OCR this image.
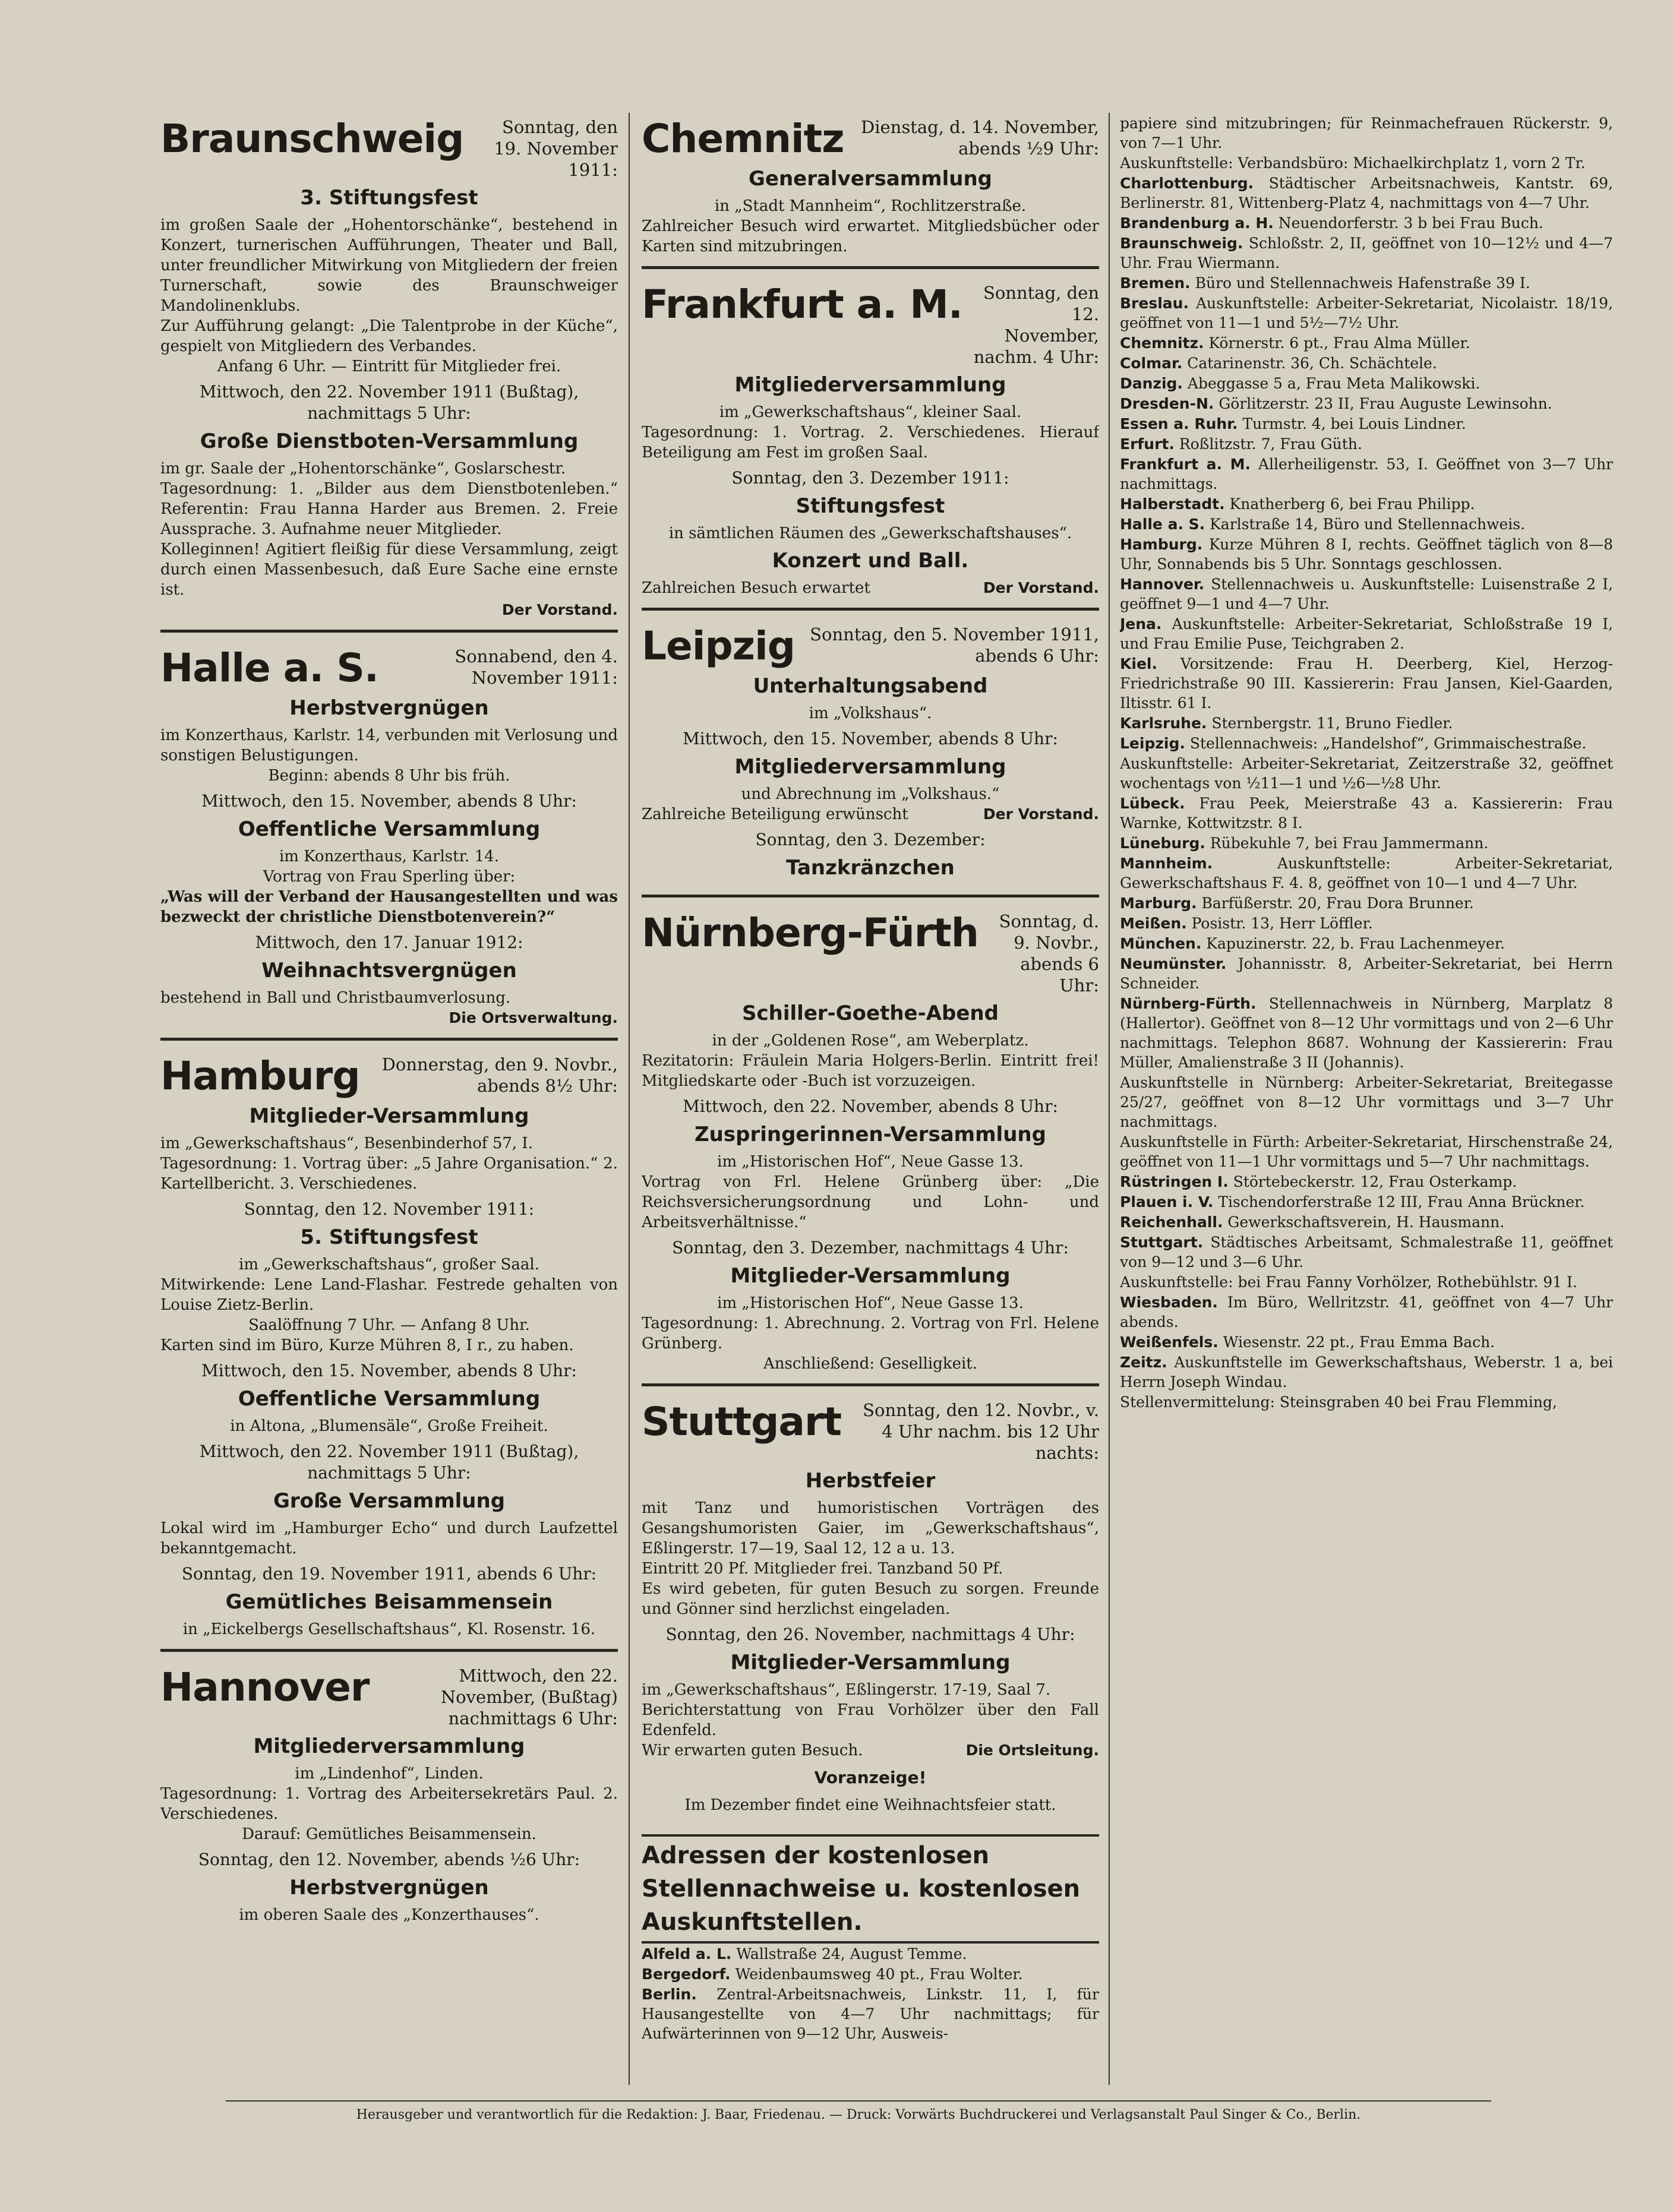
Braunschweig	Sonntag, den 19. November 1911:
3. Stiftungsfest
im großen Saale der „Hohentorschänke“, bestehend in Konzert, turnerischen Aufführungen, Theater und Ball, unter freundlicher Mitwirkung von Mitgliedern der freien Turnerschaft, sowie des Braunschweiger Mandolinenklubs.
Zur Aufführung gelangt: „Die Talentprobe in der Küche“, gespielt von Mitgliedern des Verbandes.
Anfang 6 Uhr. — Eintritt für Mitglieder frei.
Mittwoch, den 22. November 1911 (Bußtag), nachmittags 5 Uhr:
Große Dienstboten-Versammlung
im gr. Saale der „Hohentorschänke“, Goslarschestr.
Tagesordnung: 1. „Bilder aus dem Dienstbotenleben.“ Referentin: Frau Hanna Harder aus Bremen. 2. Freie Aussprache. 3. Aufnahme neuer Mitglieder.
Kolleginnen! Agitiert fleißig für diese Versammlung, zeigt durch einen Massenbesuch, daß Eure Sache eine ernste ist.
Der Vorstand.
Halle a. S.	Sonnabend, den 4. November 1911:
Herbstvergnügen
im Konzerthaus, Karlstr. 14, verbunden mit Verlosung und sonstigen Belustigungen.
Beginn: abends 8 Uhr bis früh.
Mittwoch, den 15. November, abends 8 Uhr:
Oeffentliche Versammlung
im Konzerthaus, Karlstr. 14.
Vortrag von Frau Sperling über:
„Was will der Verband der Hausangestellten und was bezweckt der christliche Dienstbotenverein?“
Mittwoch, den 17. Januar 1912:
Weihnachtsvergnügen
bestehend in Ball und Christbaumverlosung.
Die Ortsverwaltung.
Hamburg	Donnerstag, den 9. Novbr., abends 8½ Uhr:
Mitglieder-Versammlung
im „Gewerkschaftshaus“, Besenbinderhof 57, I.
Tagesordnung: 1. Vortrag über: „5 Jahre Organisation.“ 2. Kartellbericht. 3. Verschiedenes.
Sonntag, den 12. November 1911:
5. Stiftungsfest
im „Gewerkschaftshaus“, großer Saal.
Mitwirkende: Lene Land-Flashar. Festrede gehalten von Louise Zietz-Berlin.
Saalöffnung 7 Uhr. — Anfang 8 Uhr.
Karten sind im Büro, Kurze Mühren 8, I r., zu haben.
Mittwoch, den 15. November, abends 8 Uhr:
Oeffentliche Versammlung
in Altona, „Blumensäle“, Große Freiheit.
Mittwoch, den 22. November 1911 (Bußtag), nachmittags 5 Uhr:
Große Versammlung
Lokal wird im „Hamburger Echo“ und durch Laufzettel bekanntgemacht.
Sonntag, den 19. November 1911, abends 6 Uhr:
Gemütliches Beisammensein
in „Eickelbergs Gesellschaftshaus“, Kl. Rosenstr. 16.
Hannover	Mittwoch, den 22. November, (Bußtag) nachmittags 6 Uhr:
Mitgliederversammlung
im „Lindenhof“, Linden.
Tagesordnung: 1. Vortrag des Arbeitersekretärs Paul. 2. Verschiedenes.
Darauf: Gemütliches Beisammensein.
Sonntag, den 12. November, abends ½6 Uhr:
Herbstvergnügen
im oberen Saale des „Konzerthauses“.
Chemnitz Dienstag, d. 14. November, abends ½9 Uhr:
Generalversammlung
in „Stadt Mannheim“, Rochlitzerstraße.
Zahlreicher Besuch wird erwartet. Mitgliedsbücher oder Karten sind mitzubringen.
Frankfurt a. M.	Sonntag, den 12. November, nachm. 4 Uhr:
Mitgliederversammlung
im „Gewerkschaftshaus“, kleiner Saal.
Tagesordnung: 1. Vortrag. 2. Verschiedenes. Hierauf Beteiligung am Fest im großen Saal.
Sonntag, den 3. Dezember 1911:
Stiftungsfest
in sämtlichen Räumen des „Gewerkschaftshauses“.
Konzert und Ball.
Zahlreichen Besuch erwartet	Der Vorstand.
Leipzig Sonntag, den 5. November 1911, abends 6 Uhr:
Unterhaltungsabend
im „Volkshaus“.
Mittwoch, den 15. November, abends 8 Uhr:
Mitgliederversammlung
und Abrechnung im „Volkshaus.“
Zahlreiche Beteiligung erwünscht	Der Vorstand.
Sonntag, den 3. Dezember:
Tanzkränzchen
Nürnberg-Fürth	Sonntag, d. 9. Novbr., abends 6 Uhr:
Schiller-Goethe-Abend
in der „Goldenen Rose“, am Weberplatz.
Rezitatorin: Fräulein Maria Holgers-Berlin. Eintritt frei! Mitgliedskarte oder -Buch ist vorzuzeigen.
Mittwoch, den 22. November, abends 8 Uhr:
Zuspringerinnen-Versammlung
im „Historischen Hof“, Neue Gasse 13.
Vortrag von Frl. Helene Grünberg über: „Die Reichsversicherungsordnung und Lohn- und Arbeitsverhältnisse.“
Sonntag, den 3. Dezember, nachmittags 4 Uhr:
Mitglieder-Versammlung
im „Historischen Hof“, Neue Gasse 13.
Tagesordnung: 1. Abrechnung. 2. Vortrag von Frl. Helene Grünberg.
Anschließend: Geselligkeit.
Stuttgart	Sonntag, den 12. Novbr., v. 4 Uhr nachm. bis 12 Uhr nachts:
Herbstfeier
mit Tanz und humoristischen Vorträgen des Gesangshumoristen Gaier, im „Gewerkschaftshaus“, Eßlingerstr. 17—19, Saal 12, 12 a u. 13.
Eintritt 20 Pf. Mitglieder frei. Tanzband 50 Pf.
Es wird gebeten, für guten Besuch zu sorgen. Freunde und Gönner sind herzlichst eingeladen.
Sonntag, den 26. November, nachmittags 4 Uhr:
Mitglieder-Versammlung
im „Gewerkschaftshaus“, Eßlingerstr. 17-19, Saal 7.
Berichterstattung von Frau Vorhölzer über den Fall Edenfeld.
Wir erwarten guten Besuch.	Die Ortsleitung.
Voranzeige!
Im Dezember findet eine Weihnachtsfeier statt.
Adressen der kostenlosen Stellennachweise u. kostenlosen Auskunftstellen.
Alfeld a. L. Wallstraße 24, August Temme.
Bergedorf. Weidenbaumsweg 40 pt., Frau Wolter.
Berlin. Zentral-Arbeitsnachweis, Linkstr. 11, I, für Hausangestellte von 4—7 Uhr nachmittags; für Aufwärterinnen von 9—12 Uhr, Ausweis-
papiere sind mitzubringen; für Reinmachefrauen Rückerstr. 9, von 7—1 Uhr.
Auskunftstelle: Verbandsbüro: Michaelkirchplatz 1, vorn 2 Tr.
Charlottenburg. Städtischer Arbeitsnachweis, Kantstr. 69, Berlinerstr. 81, Wittenberg-Platz 4, nachmittags von 4—7 Uhr.
Brandenburg a. H. Neuendorferstr. 3 b bei Frau Buch.
Braunschweig. Schloßstr. 2, II, geöffnet von 10—12½ und 4—7 Uhr. Frau Wiermann.
Bremen. Büro und Stellennachweis Hafenstraße 39 I.
Breslau. Auskunftstelle: Arbeiter-Sekretariat, Nicolaistr. 18/19, geöffnet von 11—1 und 5½—7½ Uhr.
Chemnitz. Körnerstr. 6 pt., Frau Alma Müller.
Colmar. Catarinenstr. 36, Ch. Schächtele.
Danzig. Abeggasse 5 a, Frau Meta Malikowski.
Dresden-N. Görlitzerstr. 23 II, Frau Auguste Lewinsohn.
Essen a. Ruhr. Turmstr. 4, bei Louis Lindner.
Erfurt. Roßlitzstr. 7, Frau Güth.
Frankfurt a. M. Allerheiligenstr. 53, I. Geöffnet von 3—7 Uhr nachmittags.
Halberstadt. Knatherberg 6, bei Frau Philipp.
Halle a. S. Karlstraße 14, Büro und Stellennachweis.
Hamburg. Kurze Mühren 8 I, rechts. Geöffnet täglich von 8—8 Uhr, Sonnabends bis 5 Uhr. Sonntags geschlossen.
Hannover. Stellennachweis u. Auskunftstelle: Luisenstraße 2 I, geöffnet 9—1 und 4—7 Uhr.
Jena. Auskunftstelle: Arbeiter-Sekretariat, Schloßstraße 19 I, und Frau Emilie Puse, Teichgraben 2.
Kiel. Vorsitzende: Frau H. Deerberg, Kiel, Herzog-Friedrichstraße 90 III. Kassiererin: Frau Jansen, Kiel-Gaarden, Iltisstr. 61 I.
Karlsruhe. Sternbergstr. 11, Bruno Fiedler.
Leipzig. Stellennachweis: „Handelshof“, Grimmaischestraße.
Auskunftstelle: Arbeiter-Sekretariat, Zeitzerstraße 32, geöffnet wochentags von ½11—1 und ½6—½8 Uhr.
Lübeck. Frau Peek, Meierstraße 43 a. Kassiererin: Frau Warnke, Kottwitzstr. 8 I.
Lüneburg. Rübekuhle 7, bei Frau Jammermann.
Mannheim.	Auskunftstelle: Arbeiter-Sekretariat, Gewerkschaftshaus F. 4. 8, geöffnet von 10—1 und 4—7 Uhr.
Marburg. Barfüßerstr. 20, Frau Dora Brunner.
Meißen. Posistr. 13, Herr Löffler.
München. Kapuzinerstr. 22, b. Frau Lachenmeyer.
Neumünster. Johannisstr. 8, Arbeiter-Sekretariat, bei Herrn Schneider.
Nürnberg-Fürth. Stellennachweis in Nürnberg, Marplatz 8 (Hallertor). Geöffnet von 8—12 Uhr vormittags und von 2—6 Uhr nachmittags. Telephon 8687. Wohnung der Kassiererin: Frau Müller, Amalienstraße 3 II (Johannis).
Auskunftstelle in Nürnberg: Arbeiter-Sekretariat, Breitegasse 25/27, geöffnet von 8—12 Uhr vormittags und 3—7 Uhr nachmittags.
Auskunftstelle in Fürth: Arbeiter-Sekretariat, Hirschenstraße 24, geöffnet von 11—1 Uhr vormittags und 5—7 Uhr nachmittags.
Rüstringen I. Störtebeckerstr. 12, Frau Osterkamp.
Plauen i. V. Tischendorferstraße 12 III, Frau Anna Brückner.
Reichenhall. Gewerkschaftsverein, H. Hausmann.
Stuttgart. Städtisches Arbeitsamt, Schmalestraße 11, geöffnet von 9—12 und 3—6 Uhr.
Auskunftstelle: bei Frau Fanny Vorhölzer, Rothebühlstr. 91 I.
Wiesbaden. Im Büro, Wellritzstr. 41, geöffnet von 4—7 Uhr abends.
Weißenfels. Wiesenstr. 22 pt., Frau Emma Bach.
Zeitz. Auskunftstelle im Gewerkschaftshaus, Weberstr. 1 a, bei Herrn Joseph Windau.
Stellenvermittelung: Steinsgraben 40 bei Frau Flemming,
Herausgeber und verantwortlich für die Redaktion: J. Baar, Friedenau. — Druck: Vorwärts Buchdruckerei und Verlagsanstalt Paul Singer & Co., Berlin.
